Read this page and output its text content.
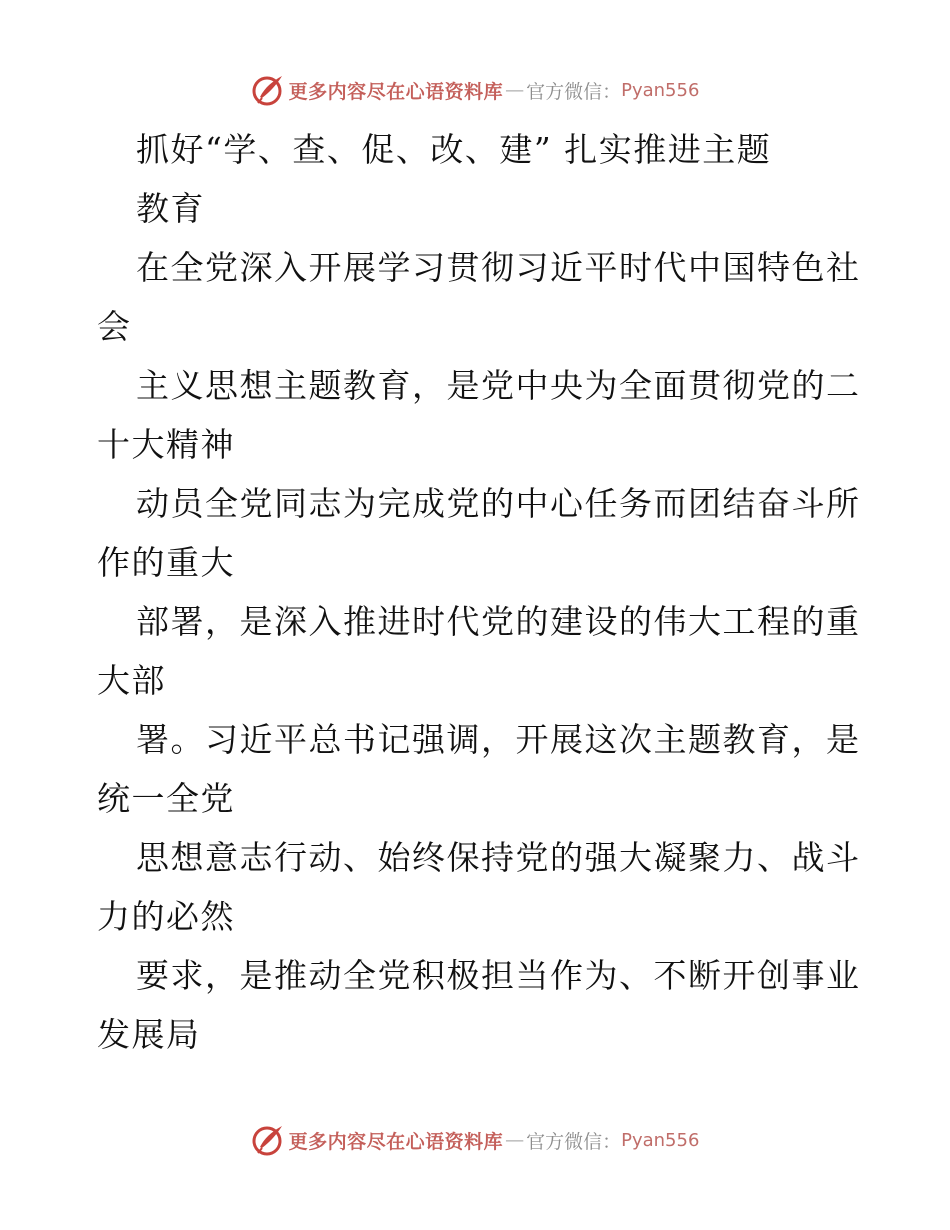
更多内容尽在心语资料库 — 官方微信： Pyan556
抓好“学、查、促、改、建” 扎实推进主题
教育
在全党深入开展学习贯彻习近平时代中国特色社
会
主义思想主题教育，是党中央为全面贯彻党的二
十大精神
动员全党同志为完成党的中心任务而团结奋斗所
作的重大
部署，是深入推进时代党的建设的伟大工程的重
大部
署。习近平总书记强调，开展这次主题教育，是
统一全党
思想意志行动、始终保持党的强大凝聚力、战斗
力的必然
要求，是推动全党积极担当作为、不断开创事业
发展局
更多内容尽在心语资料库 — 官方微信： Pyan556
